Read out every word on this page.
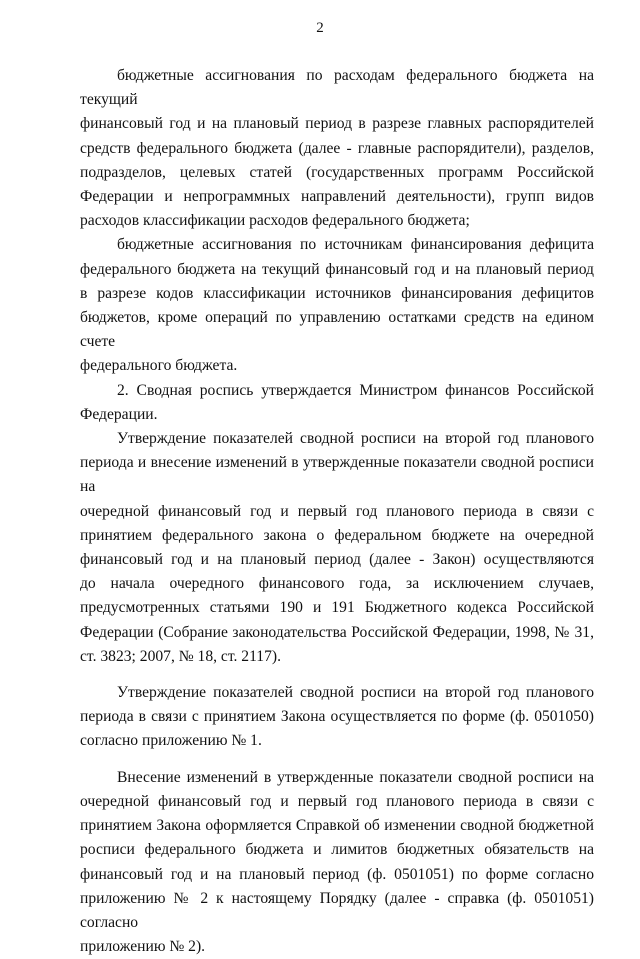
2

бюджетные ассигнования по расходам федерального бюджета на текущий
финансовый год и на плановый период в разрезе главных распорядителей
средств федерального бюджета (далее - главные распорядители), разделов,
подразделов, целевых статей (государственных программ Российской
Федерации и непрограммных направлений деятельности), групп видов
расходов классификации расходов федерального бюджета;

бюджетные ассигнования по источникам финансирования дефицита
федерального бюджета на текущий финансовый год и на плановый период
в разрезе кодов классификации источников финансирования дефицитов
бюджетов, кроме операций по управлению остатками средств на едином счете
федерального бюджета.

2. Сводная роспись утверждается Министром финансов Российской
Федерации.

Утверждение показателей сводной росписи на второй год планового
периода и внесение изменений в утвержденные показатели сводной росписи на
очередной финансовый год и первый год планового периода в связи с
принятием федерального закона о федеральном бюджете на очередной
финансовый год и на плановый период (далее - Закон) осуществляются
до начала очередного финансового года, за исключением случаев,
предусмотренных статьями 190 и 191 Бюджетного кодекса Российской
Федерации (Собрание законодательства Российской Федерации, 1998, № 31,
ст. 3823; 2007, № 18, ст. 2117).

Утверждение показателей сводной росписи на второй год планового
периода в связи с принятием Закона осуществляется по форме (ф. 0501050)
согласно приложению № 1.

Внесение изменений в утвержденные показатели сводной росписи на
очередной финансовый год и первый год планового периода в связи с
принятием Закона оформляется Справкой об изменении сводной бюджетной
росписи федерального бюджета и лимитов бюджетных обязательств на
финансовый год и на плановый период (ф. 0501051) по форме согласно
приложению № 2 к настоящему Порядку (далее - справка (ф. 0501051) согласно
приложению № 2).
